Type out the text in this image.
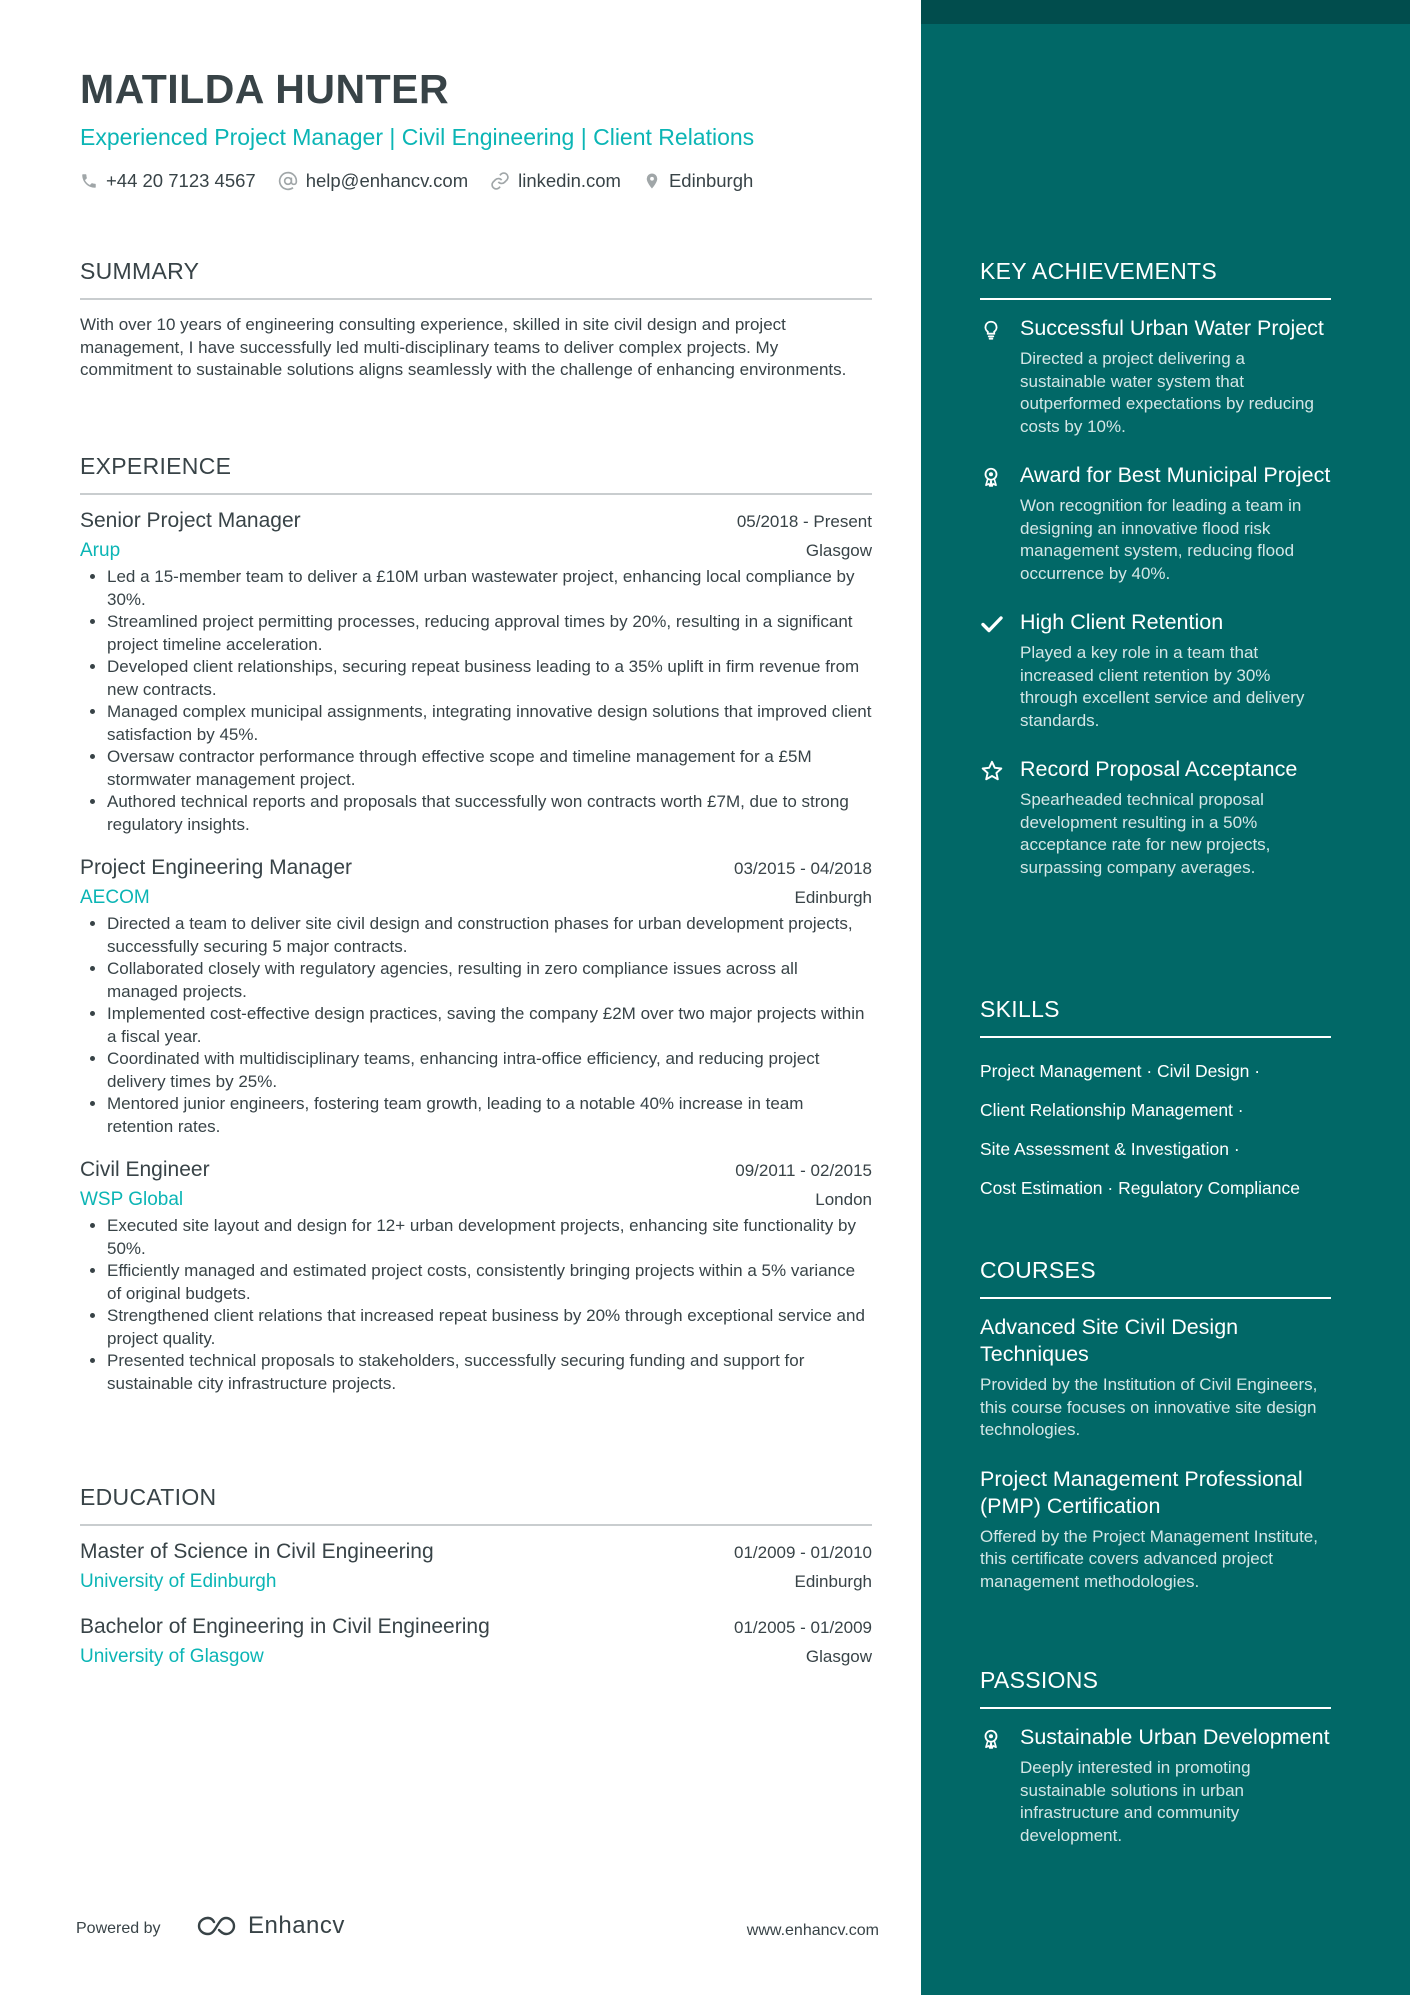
MATILDA HUNTER
Experienced Project Manager | Civil Engineering | Client Relations
+44 20 7123 4567	help@enhancv.com	linkedin.com	Edinburgh
SUMMARY
With over 10 years of engineering consulting experience, skilled in site civil design and project management, I have successfully led multi-disciplinary teams to deliver complex projects. My commitment to sustainable solutions aligns seamlessly with the challenge of enhancing environments.
EXPERIENCE
Senior Project Manager	05/2018 - Present
Arup	Glasgow
• Led a 15-member team to deliver a £10M urban wastewater project, enhancing local compliance by 30%.
• Streamlined project permitting processes, reducing approval times by 20%, resulting in a significant project timeline acceleration.
• Developed client relationships, securing repeat business leading to a 35% uplift in firm revenue from new contracts.
• Managed complex municipal assignments, integrating innovative design solutions that improved client satisfaction by 45%.
• Oversaw contractor performance through effective scope and timeline management for a £5M stormwater management project.
• Authored technical reports and proposals that successfully won contracts worth £7M, due to strong regulatory insights.
Project Engineering Manager	03/2015 - 04/2018
AECOM	Edinburgh
• Directed a team to deliver site civil design and construction phases for urban development projects, successfully securing 5 major contracts.
• Collaborated closely with regulatory agencies, resulting in zero compliance issues across all managed projects.
• Implemented cost-effective design practices, saving the company £2M over two major projects within a fiscal year.
• Coordinated with multidisciplinary teams, enhancing intra-office efficiency, and reducing project delivery times by 25%.
• Mentored junior engineers, fostering team growth, leading to a notable 40% increase in team retention rates.
Civil Engineer	09/2011 - 02/2015
WSP Global	London
• Executed site layout and design for 12+ urban development projects, enhancing site functionality by 50%.
• Efficiently managed and estimated project costs, consistently bringing projects within a 5% variance of original budgets.
• Strengthened client relations that increased repeat business by 20% through exceptional service and project quality.
• Presented technical proposals to stakeholders, successfully securing funding and support for sustainable city infrastructure projects.
EDUCATION
Master of Science in Civil Engineering	01/2009 - 01/2010
University of Edinburgh	Edinburgh
Bachelor of Engineering in Civil Engineering	01/2005 - 01/2009
University of Glasgow	Glasgow
Powered by	Enhancv	www.enhancv.com
KEY ACHIEVEMENTS
Successful Urban Water Project
Directed a project delivering a sustainable water system that outperformed expectations by reducing costs by 10%.
Award for Best Municipal Project
Won recognition for leading a team in designing an innovative flood risk management system, reducing flood occurrence by 40%.
High Client Retention
Played a key role in a team that increased client retention by 30% through excellent service and delivery standards.
Record Proposal Acceptance
Spearheaded technical proposal development resulting in a 50% acceptance rate for new projects, surpassing company averages.
SKILLS
Project Management · Civil Design ·
Client Relationship Management ·
Site Assessment & Investigation ·
Cost Estimation · Regulatory Compliance
COURSES
Advanced Site Civil Design Techniques
Provided by the Institution of Civil Engineers, this course focuses on innovative site design technologies.
Project Management Professional (PMP) Certification
Offered by the Project Management Institute, this certificate covers advanced project management methodologies.
PASSIONS
Sustainable Urban Development
Deeply interested in promoting sustainable solutions in urban infrastructure and community development.
